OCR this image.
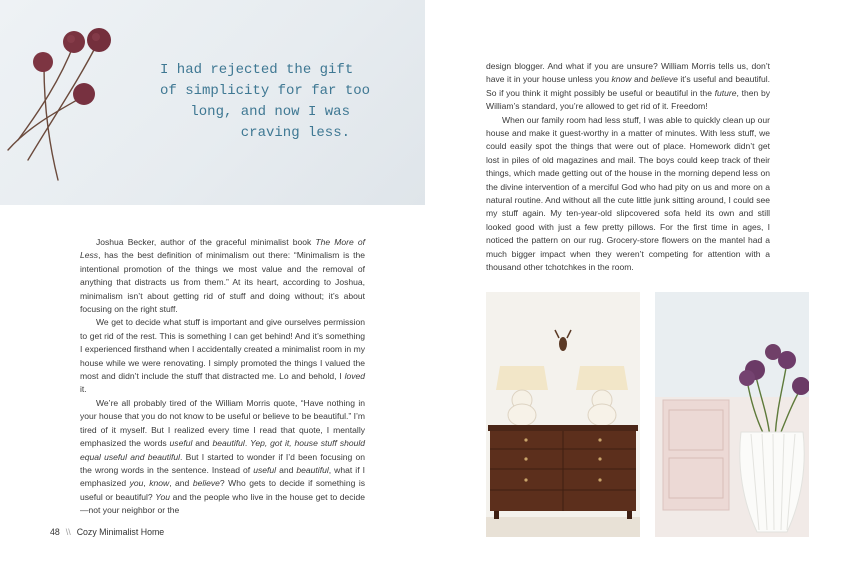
I had rejected the gift
of simplicity for far too
long, and now I was
craving less.

Joshua Becker, author of the graceful minimalist book The More of Less, has the best definition of minimalism out there: “Minimalism is the intentional promotion of the things we most value and the removal of anything that distracts us from them.” At its heart, according to Joshua, minimalism isn’t about getting rid of stuff and doing without; it’s about focusing on the right stuff.

We get to decide what stuff is important and give ourselves permission to get rid of the rest. This is something I can get behind! And it’s something I experienced firsthand when I accidentally created a minimalist room in my house while we were renovating. I simply promoted the things I valued the most and didn’t include the stuff that distracted me. Lo and behold, I loved it.

We’re all probably tired of the William Morris quote, “Have nothing in your house that you do not know to be useful or believe to be beautiful.” I’m tired of it myself. But I realized every time I read that quote, I mentally emphasized the words useful and beautiful. Yep, got it, house stuff should equal useful and beautiful. But I started to wonder if I’d been focusing on the wrong words in the sentence. Instead of useful and beautiful, what if I emphasized you, know, and believe? Who gets to decide if something is useful or beautiful? You and the people who live in the house get to decide—not your neighbor or the

48 \\ Cozy Minimalist Home

design blogger. And what if you are unsure? William Morris tells us, don’t have it in your house unless you know and believe it’s useful and beautiful. So if you think it might possibly be useful or beautiful in the future, then by William’s standard, you’re allowed to get rid of it. Freedom!

When our family room had less stuff, I was able to quickly clean up our house and make it guest-worthy in a matter of minutes. With less stuff, we could easily spot the things that were out of place. Homework didn’t get lost in piles of old magazines and mail. The boys could keep track of their things, which made getting out of the house in the morning depend less on the divine intervention of a merciful God who had pity on us and more on a natural routine. And without all the cute little junk sitting around, I could see my stuff again. My ten-year-old slipcovered sofa held its own and still looked good with just a few pretty pillows. For the first time in ages, I noticed the pattern on our rug. Grocery-store flowers on the mantel had a much bigger impact when they weren’t competing for attention with a thousand other tchotchkes in the room.
